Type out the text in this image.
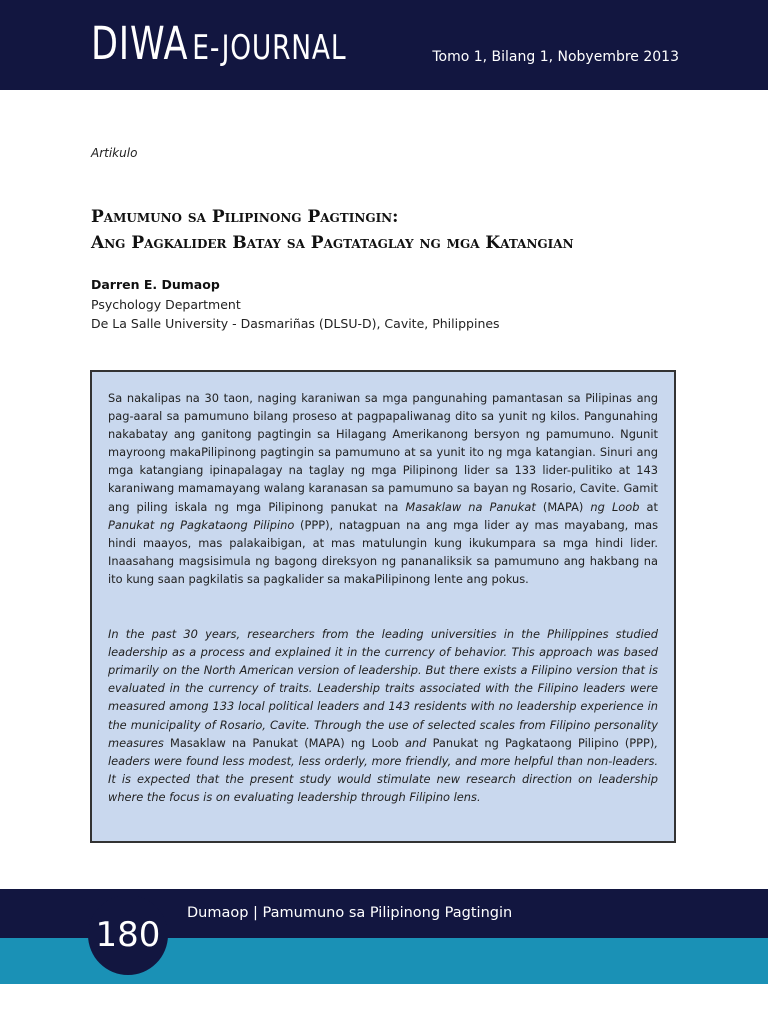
DIWA E-JOURNAL	Tomo 1, Bilang 1, Nobyembre 2013
Artikulo
Pamumuno sa Pilipinong Pagtingin:
Ang Pagkalider Batay sa Pagtataglay ng mga Katangian
Darren E. Dumaop
Psychology Department
De La Salle University - Dasmariñas (DLSU-D), Cavite, Philippines

Sa nakalipas na 30 taon, naging karaniwan sa mga pangunahing pamantasan sa Pilipinas ang pag-aaral sa pamumuno bilang proseso at pagpapaliwanag dito sa yunit ng kilos. Pangunahing nakabatay ang ganitong pagtingin sa Hilagang Amerikanong bersyon ng pamumuno. Ngunit mayroong makaPilipinong pagtingin sa pamumuno at sa yunit ito ng mga katangian. Sinuri ang mga katangiang ipinapalagay na taglay ng mga Pilipinong lider sa 133 lider-pulitiko at 143 karaniwang mamamayang walang karanasan sa pamumuno sa bayan ng Rosario, Cavite. Gamit ang piling iskala ng mga Pilipinong panukat na Masaklaw na Panukat (MAPA) ng Loob at Panukat ng Pagkataong Pilipino (PPP), natagpuan na ang mga lider ay mas mayabang, mas hindi maayos, mas palakaibigan, at mas matulungin kung ikukumpara sa mga hindi lider. Inaasahang magsisimula ng bagong direksyon ng pananaliksik sa pamumuno ang hakbang na ito kung saan pagkilatis sa pagkalider sa makaPilipinong lente ang pokus.

In the past 30 years, researchers from the leading universities in the Philippines studied leadership as a process and explained it in the currency of behavior. This approach was based primarily on the North American version of leadership. But there exists a Filipino version that is evaluated in the currency of traits. Leadership traits associated with the Filipino leaders were measured among 133 local political leaders and 143 residents with no leadership experience in the municipality of Rosario, Cavite. Through the use of selected scales from Filipino personality measures Masaklaw na Panukat (MAPA) ng Loob and Panukat ng Pagkataong Pilipino (PPP), leaders were found less modest, less orderly, more friendly, and more helpful than non-leaders. It is expected that the present study would stimulate new research direction on leadership where the focus is on evaluating leadership through Filipino lens.

Dumaop | Pamumuno sa Pilipinong Pagtingin
180
